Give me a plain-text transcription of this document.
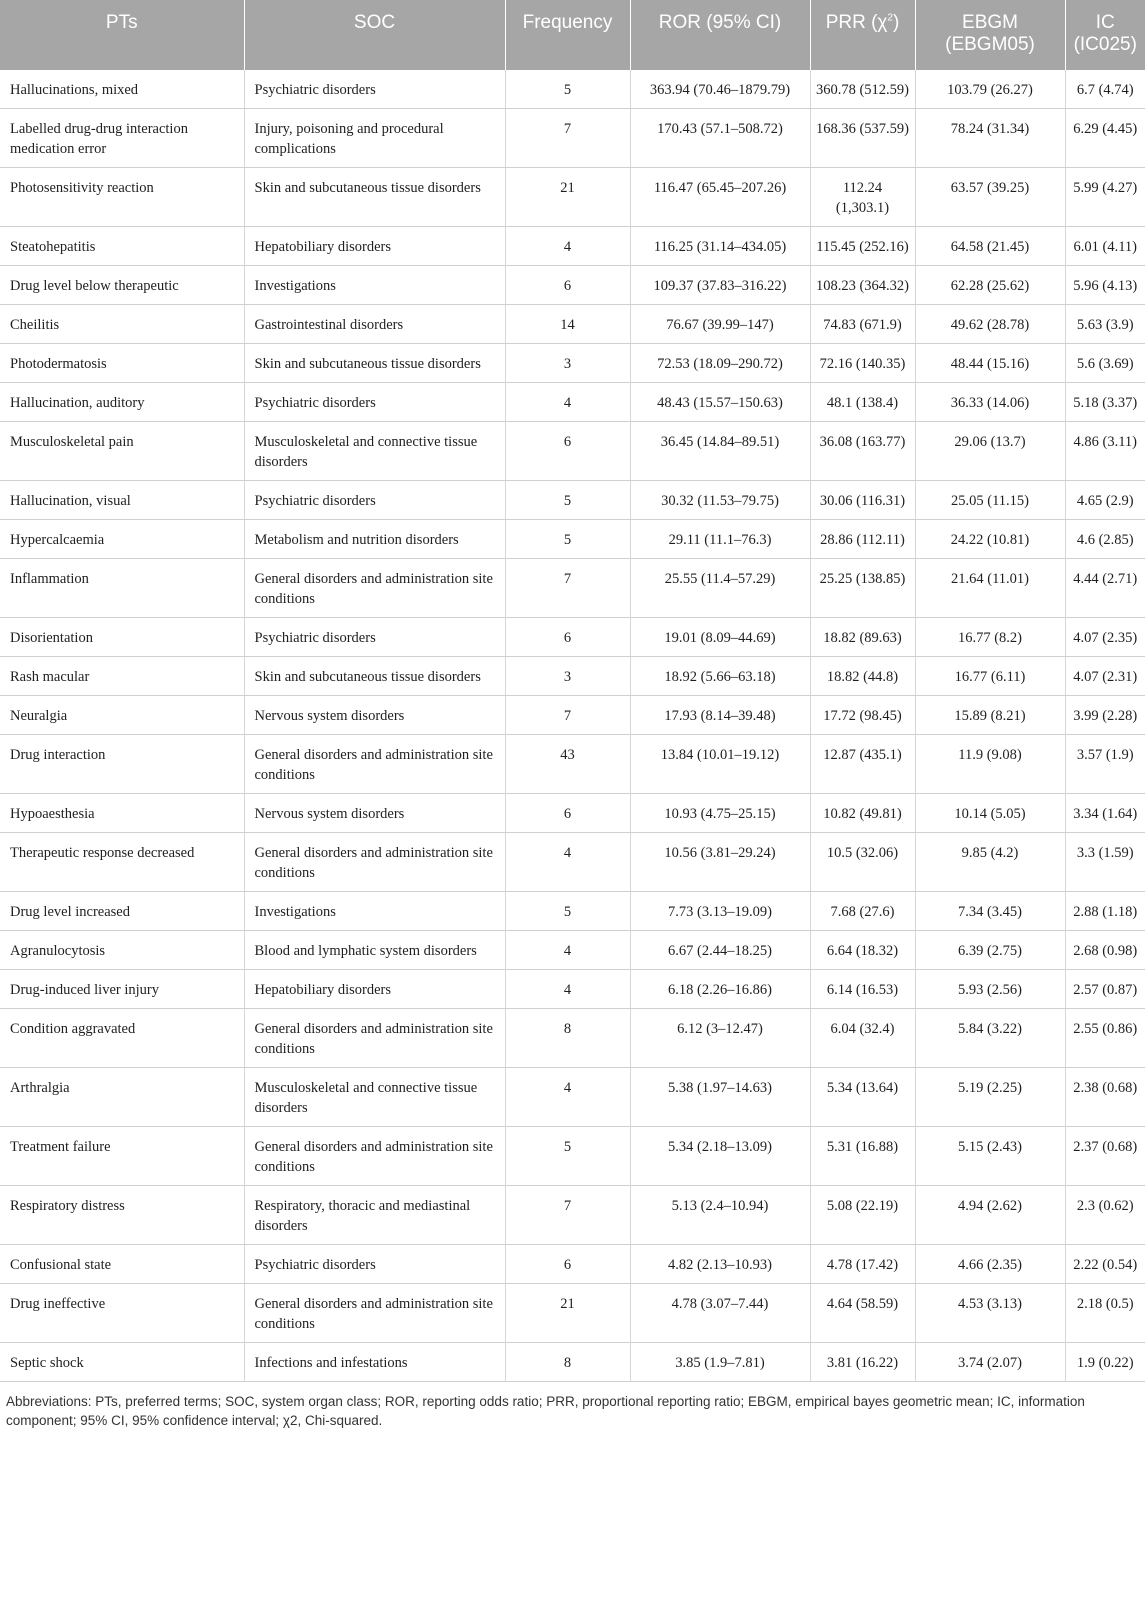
PTs	SOC	Frequency	ROR (95% CI)	PRR $(\chi^2)$	EBGM (EBGM05)	IC (IC025)
Hallucinations, mixed	Psychiatric disorders	5	363.94 (70.46–1879.79)	360.78 (512.59)	103.79 (26.27)	6.7 (4.74)
Labelled drug-drug interaction medication error	Injury, poisoning and procedural complications	7	170.43 (57.1–508.72)	168.36 (537.59)	78.24 (31.34)	6.29 (4.45)
Photosensitivity reaction	Skin and subcutaneous tissue disorders	21	116.47 (65.45–207.26)	112.24 (1,303.1)	63.57 (39.25)	5.99 (4.27)
Steatohepatitis	Hepatobiliary disorders	4	116.25 (31.14–434.05)	115.45 (252.16)	64.58 (21.45)	6.01 (4.11)
Drug level below therapeutic	Investigations	6	109.37 (37.83–316.22)	108.23 (364.32)	62.28 (25.62)	5.96 (4.13)
Cheilitis	Gastrointestinal disorders	14	76.67 (39.99–147)	74.83 (671.9)	49.62 (28.78)	5.63 (3.9)
Photodermatosis	Skin and subcutaneous tissue disorders	3	72.53 (18.09–290.72)	72.16 (140.35)	48.44 (15.16)	5.6 (3.69)
Hallucination, auditory	Psychiatric disorders	4	48.43 (15.57–150.63)	48.1 (138.4)	36.33 (14.06)	5.18 (3.37)
Musculoskeletal pain	Musculoskeletal and connective tissue disorders	6	36.45 (14.84–89.51)	36.08 (163.77)	29.06 (13.7)	4.86 (3.11)
Hallucination, visual	Psychiatric disorders	5	30.32 (11.53–79.75)	30.06 (116.31)	25.05 (11.15)	4.65 (2.9)
Hypercalcaemia	Metabolism and nutrition disorders	5	29.11 (11.1–76.3)	28.86 (112.11)	24.22 (10.81)	4.6 (2.85)
Inflammation	General disorders and administration site conditions	7	25.55 (11.4–57.29)	25.25 (138.85)	21.64 (11.01)	4.44 (2.71)
Disorientation	Psychiatric disorders	6	19.01 (8.09–44.69)	18.82 (89.63)	16.77 (8.2)	4.07 (2.35)
Rash macular	Skin and subcutaneous tissue disorders	3	18.92 (5.66–63.18)	18.82 (44.8)	16.77 (6.11)	4.07 (2.31)
Neuralgia	Nervous system disorders	7	17.93 (8.14–39.48)	17.72 (98.45)	15.89 (8.21)	3.99 (2.28)
Drug interaction	General disorders and administration site conditions	43	13.84 (10.01–19.12)	12.87 (435.1)	11.9 (9.08)	3.57 (1.9)
Hypoaesthesia	Nervous system disorders	6	10.93 (4.75–25.15)	10.82 (49.81)	10.14 (5.05)	3.34 (1.64)
Therapeutic response decreased	General disorders and administration site conditions	4	10.56 (3.81–29.24)	10.5 (32.06)	9.85 (4.2)	3.3 (1.59)
Drug level increased	Investigations	5	7.73 (3.13–19.09)	7.68 (27.6)	7.34 (3.45)	2.88 (1.18)
Agranulocytosis	Blood and lymphatic system disorders	4	6.67 (2.44–18.25)	6.64 (18.32)	6.39 (2.75)	2.68 (0.98)
Drug-induced liver injury	Hepatobiliary disorders	4	6.18 (2.26–16.86)	6.14 (16.53)	5.93 (2.56)	2.57 (0.87)
Condition aggravated	General disorders and administration site conditions	8	6.12 (3–12.47)	6.04 (32.4)	5.84 (3.22)	2.55 (0.86)
Arthralgia	Musculoskeletal and connective tissue disorders	4	5.38 (1.97–14.63)	5.34 (13.64)	5.19 (2.25)	2.38 (0.68)
Treatment failure	General disorders and administration site conditions	5	5.34 (2.18–13.09)	5.31 (16.88)	5.15 (2.43)	2.37 (0.68)
Respiratory distress	Respiratory, thoracic and mediastinal disorders	7	5.13 (2.4–10.94)	5.08 (22.19)	4.94 (2.62)	2.3 (0.62)
Confusional state	Psychiatric disorders	6	4.82 (2.13–10.93)	4.78 (17.42)	4.66 (2.35)	2.22 (0.54)
Drug ineffective	General disorders and administration site conditions	21	4.78 (3.07–7.44)	4.64 (58.59)	4.53 (3.13)	2.18 (0.5)
Septic shock	Infections and infestations	8	3.85 (1.9–7.81)	3.81 (16.22)	3.74 (2.07)	1.9 (0.22)
Abbreviations: PTs, preferred terms; SOC, system organ class; ROR, reporting odds ratio; PRR, proportional reporting ratio; EBGM, empirical bayes geometric mean; IC, information component; 95% CI, 95% confidence interval; χ2, Chi-squared.
